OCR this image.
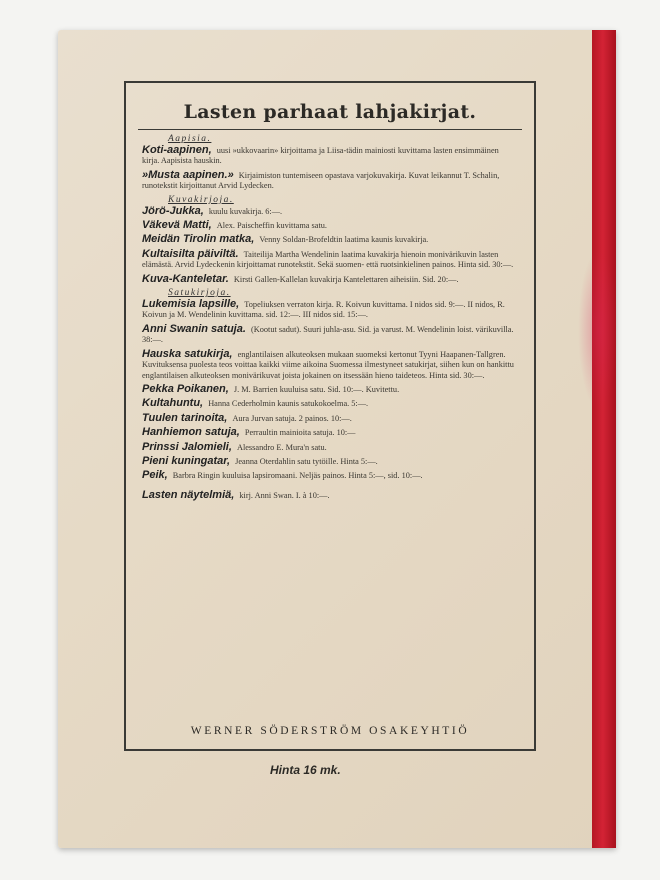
Lasten parhaat lahjakirjat.
Aapisia.
Koti-aapinen, uusi »ukkovaarin» kirjoittama ja Liisa-tädin mainiosti kuvittama lasten ensimmäinen kirja. Aapisista hauskin.
»Musta aapinen.» Kirjaimiston tuntemiseen opastava varjokuvakirja. Kuvat leikannut T. Schalin, runotekstit kirjoittanut Arvid Lydecken.
Kuvakirjoja.
Jörö-Jukka, kuulu kuvakirja. 6:—.
Väkevä Matti, Alex. Paischeffin kuvittama satu.
Meidän Tirolin matka, Venny Soldan-Brofeldtin laatima kaunis kuvakirja.
Kultaisilta päiviltä. Taiteilija Martha Wendelinin laatima kuvakirja hienoin monivärikuvin lasten elämästä. Arvid Lydeckenin kirjoittamat runotekstit. Sekä suomen- että ruotsinkielinen painos. Hinta sid. 30:—.
Kuva-Kanteletar. Kirsti Gallen-Kallelan kuvakirja Kantelettaren aiheisiin. Sid. 20:—.
Satukirjoja.
Lukemisia lapsille, Topeliuksen verraton kirja. R. Koivun kuvittama. I nidos sid. 9:—. II nidos, R. Koivun ja M. Wendelinin kuvittama. sid. 12:—. III nidos sid. 15:—.
Anni Swanin satuja. (Kootut sadut). Suuri juhla-asu. Sid. ja varust. M. Wendelinin loist. värikuvilla. 38:—.
Hauska satukirja, englantilaisen alkuteoksen mukaan suomeksi kertonut Tyyni Haapanen-Tallgren. Kuvituksensa puolesta teos voittaa kaikki viime aikoina Suomessa ilmestyneet satukirjat, siihen kun on hankittu englantilaisen alkuteoksen monivärikuvat joista jokainen on itsessään hieno taideteos. Hinta sid. 30:—.
Pekka Poikanen, J. M. Barrien kuuluisa satu. Sid. 10:—. Kuvitettu.
Kultahuntu, Hanna Cederholmin kaunis satukokoelma. 5:—.
Tuulen tarinoita, Aura Jurvan satuja. 2 painos. 10:—.
Hanhiemon satuja, Perraultin mainioita satuja. 10:—
Prinssi Jalomieli, Alessandro E. Mura'n satu.
Pieni kuningatar, Jeanna Oterdahlin satu tytöille. Hinta 5:—.
Peik, Barbra Ringin kuuluisa lapsiromaani. Neljäs painos. Hinta 5:—, sid. 10:—.
Lasten näytelmiä, kirj. Anni Swan. I. à 10:—.
WERNER SÖDERSTRÖM OSAKEYHTIÖ
Hinta 16 mk.
